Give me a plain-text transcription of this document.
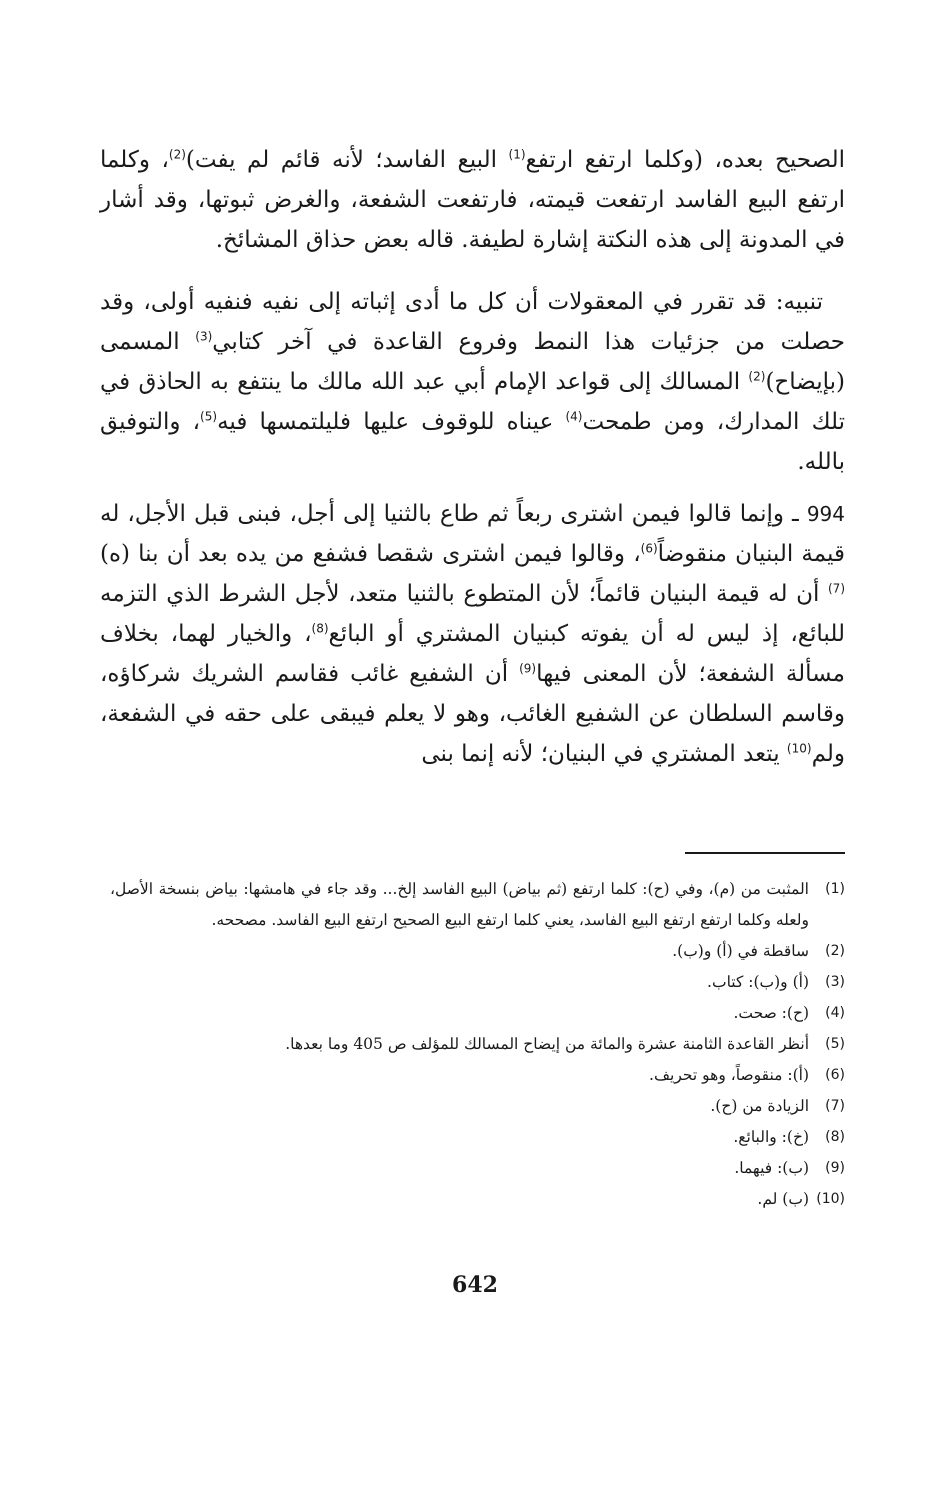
الصحيح بعده، (وكلما ارتفع ارتفع$^{(1)}$ البيع الفاسد؛ لأنه قائم لم يفت)$^{(2)}$، وكلما ارتفع البيع الفاسد ارتفعت قيمته، فارتفعت الشفعة، والغرض ثبوتها، وقد أشار في المدونة إلى هذه النكتة إشارة لطيفة. قاله بعض حذاق المشائخ.

تنبيه: قد تقرر في المعقولات أن كل ما أدى إثباته إلى نفيه فنفيه أولى، وقد حصلت من جزئيات هذا النمط وفروع القاعدة في آخر كتابي$^{(3)}$ المسمى (بإيضاح)$^{(2)}$ المسالك إلى قواعد الإمام أبي عبد الله مالك ما ينتفع به الحاذق في تلك المدارك، ومن طمحت$^{(4)}$ عيناه للوقوف عليها فليلتمسها فيه$^{(5)}$، والتوفيق بالله.

994 ـ وإنما قالوا فيمن اشترى ربعاً ثم طاع بالثنيا إلى أجل، فبنى قبل الأجل، له قيمة البنيان منقوضاً$^{(6)}$، وقالوا فيمن اشترى شقصا فشفع من يده بعد أن بنا (ه)$^{(7)}$ أن له قيمة البنيان قائماً؛ لأن المتطوع بالثنيا متعد، لأجل الشرط الذي التزمه للبائع، إذ ليس له أن يفوته كبنيان المشتري أو البائع$^{(8)}$، والخيار لهما، بخلاف مسألة الشفعة؛ لأن المعنى فيها$^{(9)}$ أن الشفيع غائب فقاسم الشريك شركاؤه، وقاسم السلطان عن الشفيع الغائب، وهو لا يعلم فيبقى على حقه في الشفعة، ولم$^{(10)}$ يتعد المشتري في البنيان؛ لأنه إنما بنى

(1)
المثبت من (م)، وفي (ح): كلما ارتفع (ثم بياض) البيع الفاسد إلخ... وقد جاء في هامشها: بياض بنسخة الأصل، ولعله وكلما ارتفع ارتفع البيع الفاسد، يعني كلما ارتفع البيع الصحيح ارتفع البيع الفاسد. مصححه.
(2)
ساقطة في (أ) و(ب).
(3)
(أ) و(ب): كتاب.
(4)
(ح): صحت.
(5)
أنظر القاعدة الثامنة عشرة والمائة من إيضاح المسالك للمؤلف ص 405 وما بعدها.
(6)
(أ): منقوصاً، وهو تحريف.
(7)
الزيادة من (ح).
(8)
(خ): والبائع.
(9)
(ب): فيهما.
(10)
(ب) لم.
642
